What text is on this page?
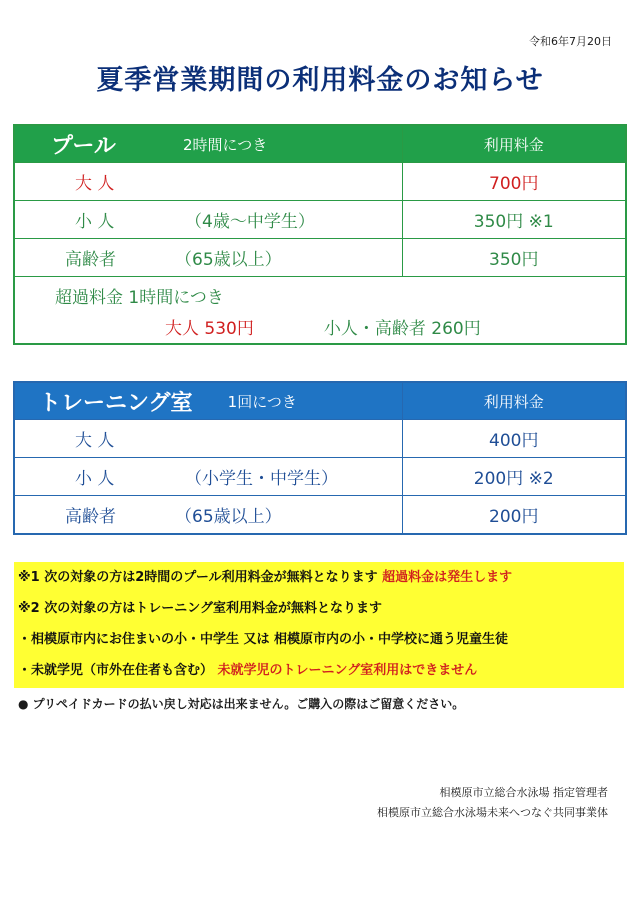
令和6年7月20日
夏季営業期間の利用料金のお知らせ
プール 2時間につき	利用料金
大 人	700円
小 人 （4歳～中学生）	350円 ※1
高齢者 （65歳以上）	350円

超過料金 1時間につき
大人 530円 小人・高齢者 260円	
トレーニング室 1回につき	利用料金
大 人	400円
小 人 （小学生・中学生）	200円 ※2
高齢者 （65歳以上）	200円
※1 次の対象の方は2時間のプール利用料金が無料となります 超過料金は発生します
※2 次の対象の方はトレーニング室利用料金が無料となります
・相模原市内にお住まいの小・中学生 又は 相模原市内の小・中学校に通う児童生徒
・未就学児（市外在住者も含む） 未就学児のトレーニング室利用はできません
● プリペイドカードの払い戻し対応は出来ません。ご購入の際はご留意ください。
相模原市立総合水泳場 指定管理者
相模原市立総合水泳場未来へつなぐ共同事業体
